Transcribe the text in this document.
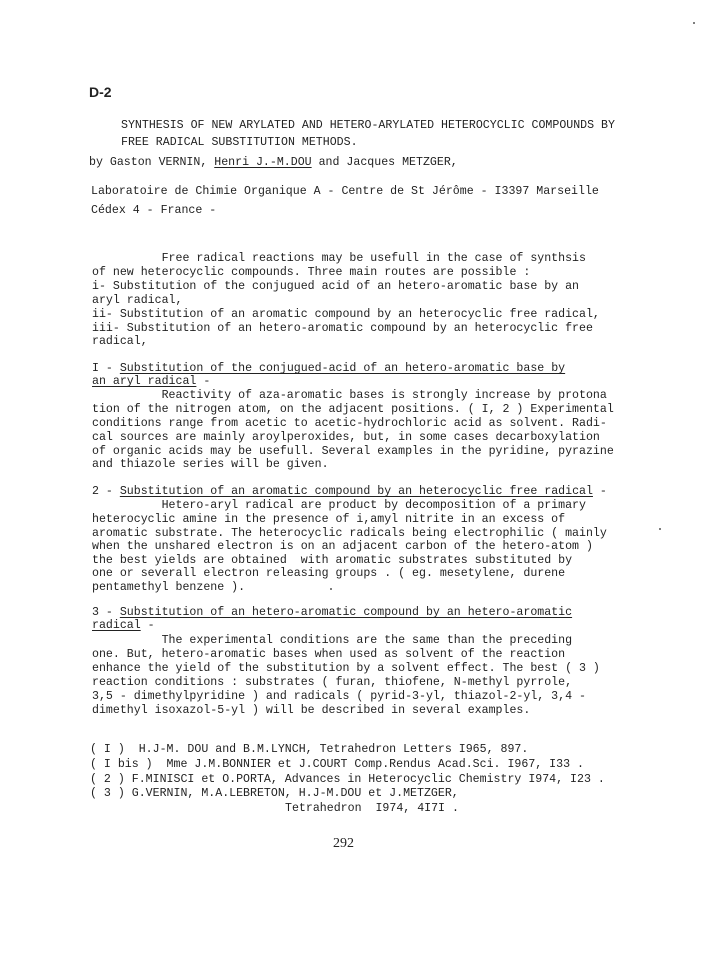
D-2
SYNTHESIS OF NEW ARYLATED AND HETERO-ARYLATED HETEROCYCLIC COMPOUNDS BY
FREE RADICAL SUBSTITUTION METHODS.
by Gaston VERNIN, Henri J.-M.DOU and Jacques METZGER,
Laboratoire de Chimie Organique A - Centre de St Jérôme - I3397 Marseille
Cédex 4 - France -
Free radical reactions may be usefull in the case of synthsis
of new heterocyclic compounds. Three main routes are possible :
i- Substitution of the conjugued acid of an hetero-aromatic base by an
aryl radical,
ii- Substitution of an aromatic compound by an heterocyclic free radical,
iii- Substitution of an hetero-aromatic compound by an heterocyclic free
radical,
I - Substitution of the conjugued-acid of an hetero-aromatic base by
an aryl radical -
Reactivity of aza-aromatic bases is strongly increase by protona
tion of the nitrogen atom, on the adjacent positions. ( I, 2 ) Experimental
conditions range from acetic to acetic-hydrochloric acid as solvent. Radi-
cal sources are mainly aroylperoxides, but, in some cases decarboxylation
of organic acids may be usefull. Several examples in the pyridine, pyrazine
and thiazole series will be given.
2 - Substitution of an aromatic compound by an heterocyclic free radical -
Hetero-aryl radical are product by decomposition of a primary
heterocyclic amine in the presence of i,amyl nitrite in an excess of
aromatic substrate. The heterocyclic radicals being electrophilic ( mainly
when the unshared electron is on an adjacent carbon of the hetero-atom )
the best yields are obtained  with aromatic substrates substituted by
one or severall electron releasing groups . ( eg. mesetylene, durene
pentamethyl benzene ).
3 - Substitution of an hetero-aromatic compound by an hetero-aromatic
radical -
The experimental conditions are the same than the preceding
one. But, hetero-aromatic bases when used as solvent of the reaction
enhance the yield of the substitution by a solvent effect. The best ( 3 )
reaction conditions : substrates ( furan, thiofene, N-methyl pyrrole,
3,5 - dimethylpyridine ) and radicals ( pyrid-3-yl, thiazol-2-yl, 3,4 -
dimethyl isoxazol-5-yl ) will be described in several examples.
( I )  H.J-M. DOU and B.M.LYNCH, Tetrahedron Letters I965, 897.
( I bis )  Mme J.M.BONNIER et J.COURT Comp.Rendus Acad.Sci. I967, I33 .
( 2 ) F.MINISCI et O.PORTA, Advances in Heterocyclic Chemistry I974, I23 .
( 3 ) G.VERNIN, M.A.LEBRETON, H.J-M.DOU et J.METZGER,
Tetrahedron  I974, 4I7I .
292
